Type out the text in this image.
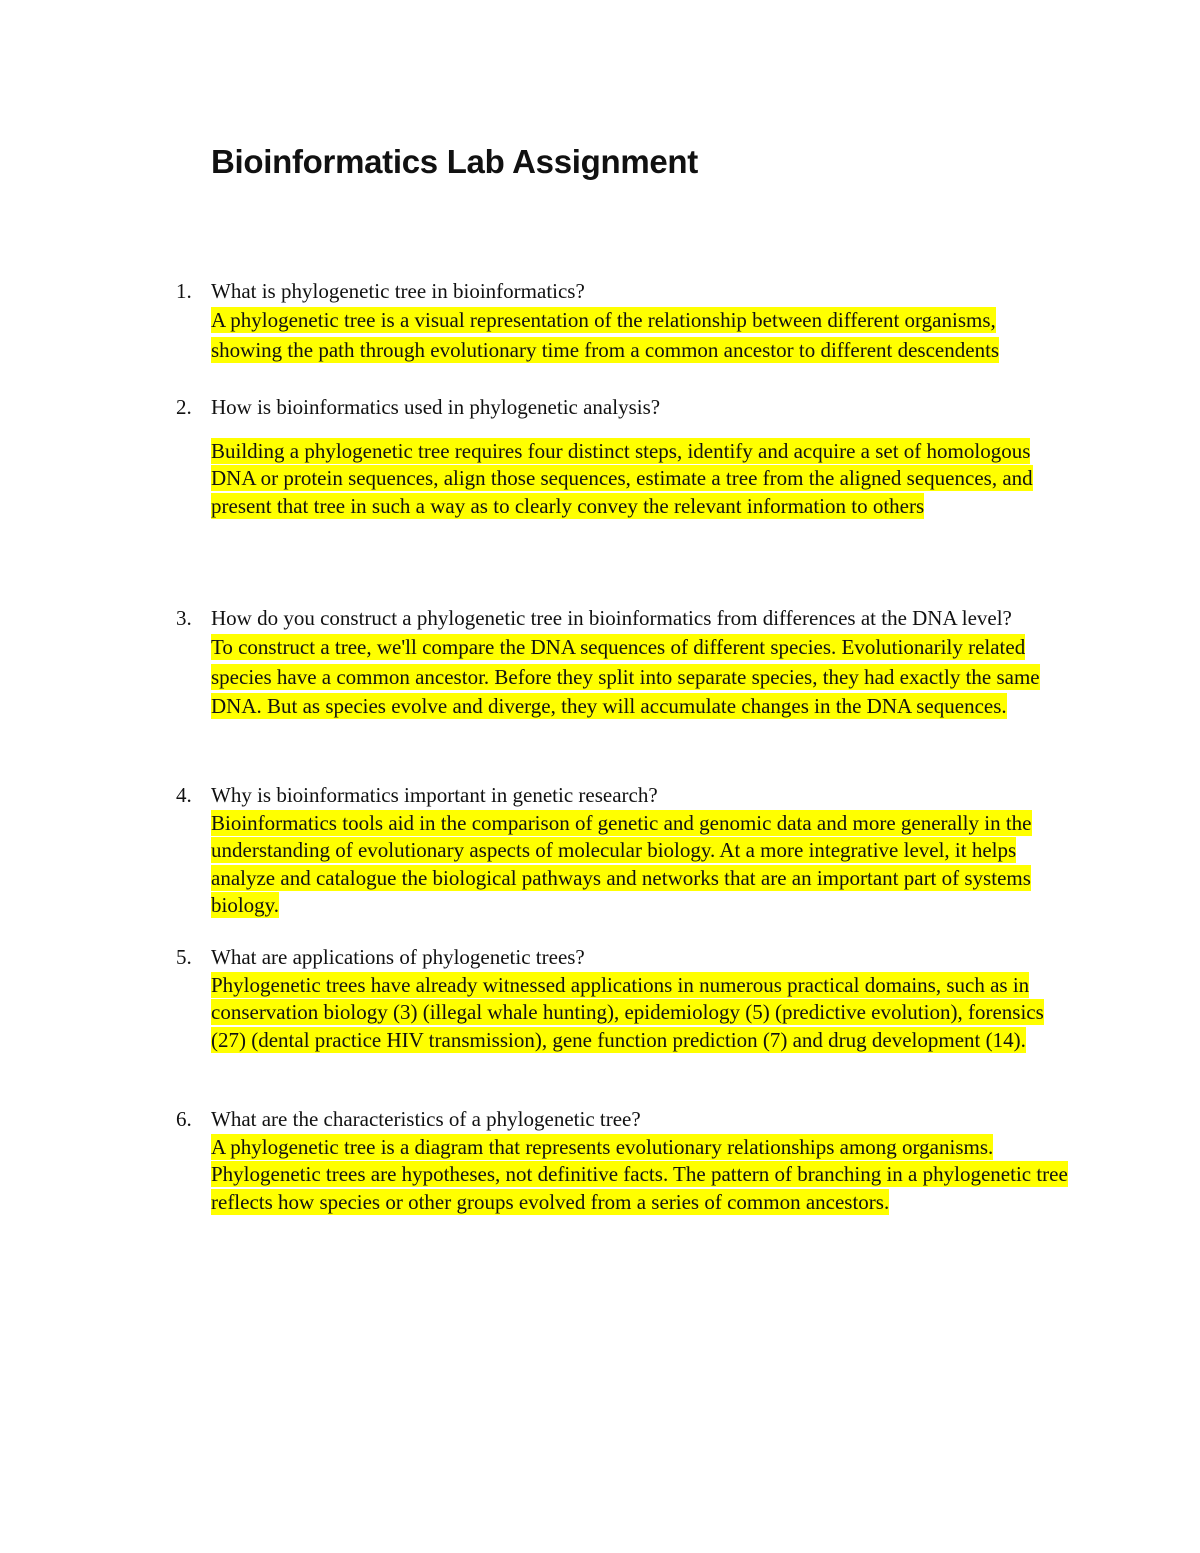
Bioinformatics Lab Assignment
1. What is phylogenetic tree in bioinformatics?
A phylogenetic tree is a visual representation of the relationship between different organisms, showing the path through evolutionary time from a common ancestor to different descendents
2. How is bioinformatics used in phylogenetic analysis?
Building a phylogenetic tree requires four distinct steps, identify and acquire a set of homologous DNA or protein sequences, align those sequences, estimate a tree from the aligned sequences, and present that tree in such a way as to clearly convey the relevant information to others
3. How do you construct a phylogenetic tree in bioinformatics from differences at the DNA level?
To construct a tree, we'll compare the DNA sequences of different species. Evolutionarily related species have a common ancestor. Before they split into separate species, they had exactly the same DNA. But as species evolve and diverge, they will accumulate changes in the DNA sequences.
4. Why is bioinformatics important in genetic research?
Bioinformatics tools aid in the comparison of genetic and genomic data and more generally in the understanding of evolutionary aspects of molecular biology. At a more integrative level, it helps analyze and catalogue the biological pathways and networks that are an important part of systems biology.
5. What are applications of phylogenetic trees?
Phylogenetic trees have already witnessed applications in numerous practical domains, such as in conservation biology (3) (illegal whale hunting), epidemiology (5) (predictive evolution), forensics (27) (dental practice HIV transmission), gene function prediction (7) and drug development (14).
6. What are the characteristics of a phylogenetic tree?
A phylogenetic tree is a diagram that represents evolutionary relationships among organisms. Phylogenetic trees are hypotheses, not definitive facts. The pattern of branching in a phylogenetic tree reflects how species or other groups evolved from a series of common ancestors.
